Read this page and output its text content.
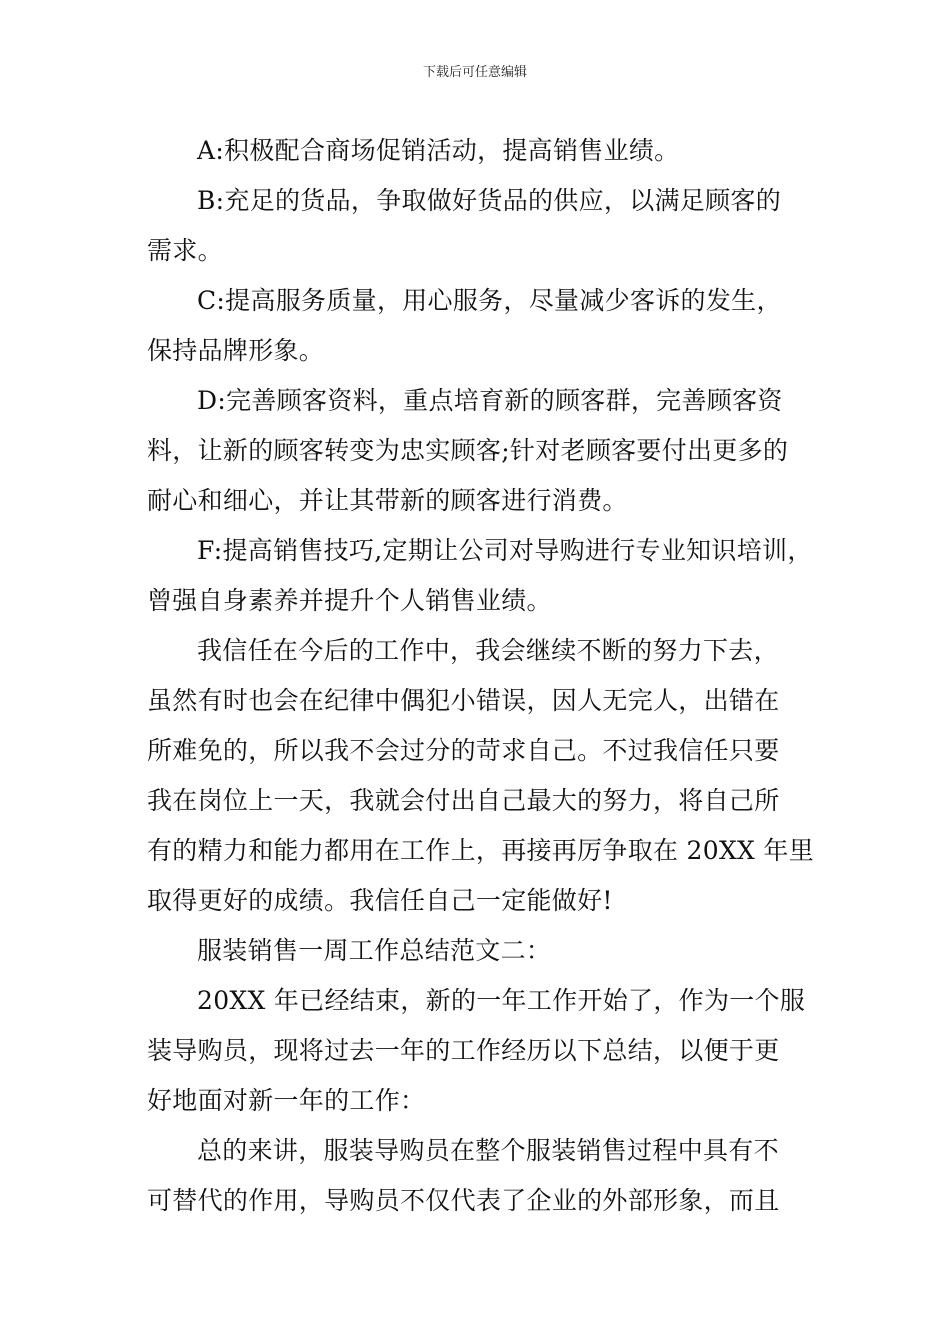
下载后可任意编辑

A:积极配合商场促销活动，提高销售业绩。

B:充足的货品，争取做好货品的供应，以满足顾客的
需求。

C:提高服务质量，用心服务，尽量减少客诉的发生，
保持品牌形象。

D:完善顾客资料，重点培育新的顾客群，完善顾客资
料，让新的顾客转变为忠实顾客;针对老顾客要付出更多的
耐心和细心，并让其带新的顾客进行消费。

F:提高销售技巧,定期让公司对导购进行专业知识培训，
曾强自身素养并提升个人销售业绩。

我信任在今后的工作中，我会继续不断的努力下去，
虽然有时也会在纪律中偶犯小错误，因人无完人，出错在
所难免的，所以我不会过分的苛求自己。不过我信任只要
我在岗位上一天，我就会付出自己最大的努力，将自己所
有的精力和能力都用在工作上，再接再厉争取在 20XX 年里
取得更好的成绩。我信任自己一定能做好!

服装销售一周工作总结范文二：

20XX 年已经结束，新的一年工作开始了，作为一个服
装导购员，现将过去一年的工作经历以下总结，以便于更
好地面对新一年的工作：

总的来讲，服装导购员在整个服装销售过程中具有不
可替代的作用，导购员不仅代表了企业的外部形象，而且
